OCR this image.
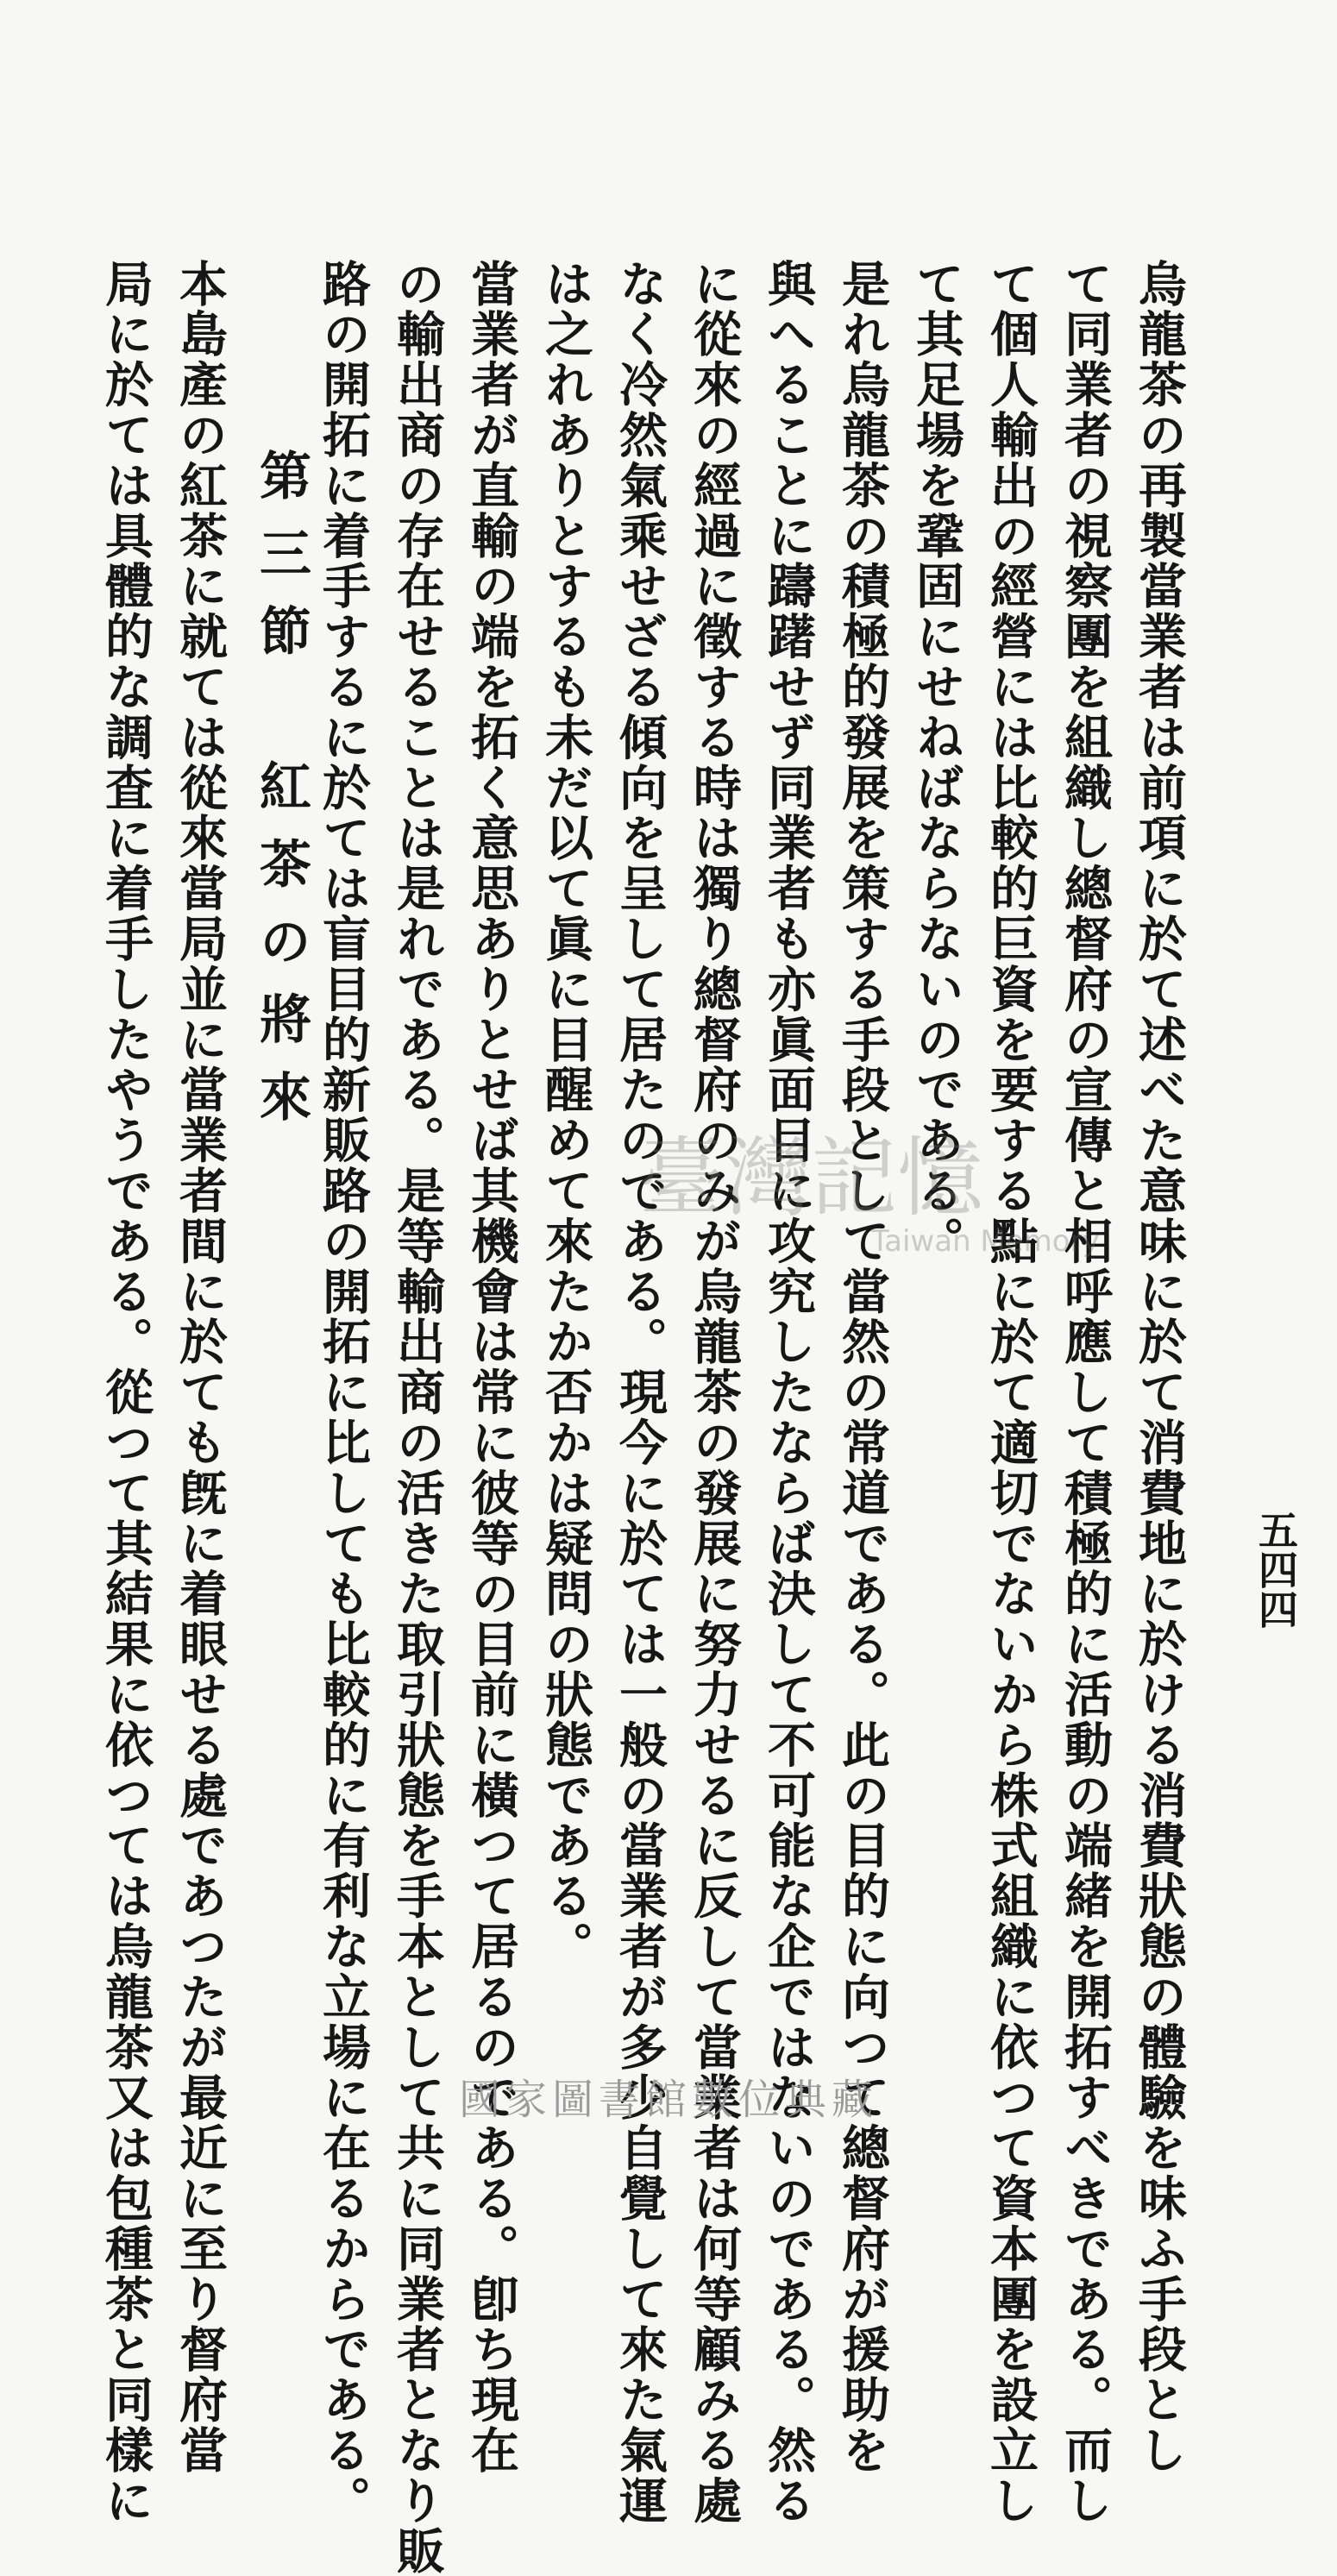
五四四
烏龍茶の再製當業者は前項に於て述べた意味に於て消費地に於ける消費狀態の體驗を味ふ手段とし
て同業者の視察團を組織し總督府の宣傳と相呼應して積極的に活動の端緒を開拓すべきである。而し
て個人輸出の經營には比較的巨資を要する點に於て適切でないから株式組織に依つて資本團を設立し
て其足場を鞏固にせねばならないのである。
是れ烏龍茶の積極的發展を策する手段として當然の常道である。此の目的に向つて總督府が援助を
與へることに躊躇せず同業者も亦眞面目に攻究したならば決して不可能な企ではないのである。然る
に從來の經過に徵する時は獨り總督府のみが烏龍茶の發展に努力せるに反して當業者は何等顧みる處
なく冷然氣乘せざる傾向を呈して居たのである。現今に於ては一般の當業者が多少自覺して來た氣運
は之れありとするも未だ以て眞に目醒めて來たか否かは疑問の狀態である。
當業者が直輸の端を拓く意思ありとせば其機會は常に彼等の目前に橫つて居るのである。卽ち現在
の輸出商の存在せることは是れである。是等輸出商の活きた取引狀態を手本として共に同業者となり販
路の開拓に着手するに於ては盲目的新販路の開拓に比しても比較的に有利な立場に在るからである。
第三節　紅茶の將來
本島產の紅茶に就ては從來當局並に當業者間に於ても旣に着眼せる處であつたが最近に至り督府當
局に於ては具體的な調査に着手したやうである。從つて其結果に依つては烏龍茶又は包種茶と同樣に	臺灣記憶
Taiwan Memory
國家圖書館數位典藏
